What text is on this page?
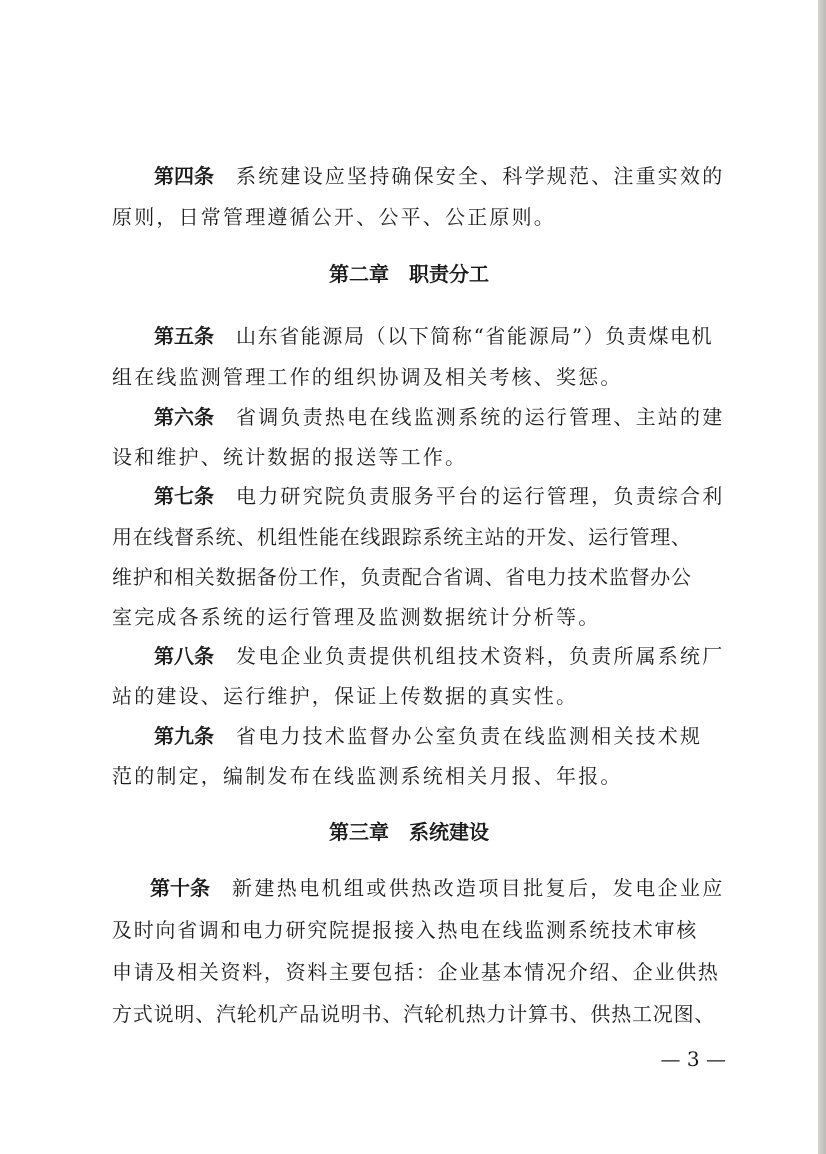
第四条 系统建设应坚持确保安全、科学规范、注重实效的
原则，日常管理遵循公开、公平、公正原则。
第二章　职责分工
第五条 山东省能源局（以下简称“省能源局”）负责煤电机
组在线监测管理工作的组织协调及相关考核、奖惩。
第六条 省调负责热电在线监测系统的运行管理、主站的建
设和维护、统计数据的报送等工作。
第七条 电力研究院负责服务平台的运行管理，负责综合利
用在线督系统、机组性能在线跟踪系统主站的开发、运行管理、
维护和相关数据备份工作，负责配合省调、省电力技术监督办公
室完成各系统的运行管理及监测数据统计分析等。
第八条 发电企业负责提供机组技术资料，负责所属系统厂
站的建设、运行维护，保证上传数据的真实性。
第九条 省电力技术监督办公室负责在线监测相关技术规
范的制定，编制发布在线监测系统相关月报、年报。
第三章　系统建设
第十条 新建热电机组或供热改造项目批复后，发电企业应
及时向省调和电力研究院提报接入热电在线监测系统技术审核
申请及相关资料，资料主要包括：企业基本情况介绍、企业供热
方式说明、汽轮机产品说明书、汽轮机热力计算书、供热工况图、
— 3 —
